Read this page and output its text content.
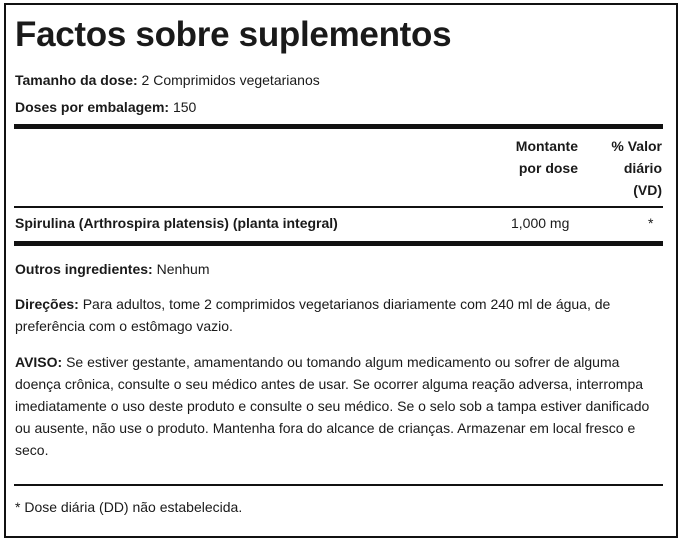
Factos sobre suplementos
Tamanho da dose: 2 Comprimidos vegetarianos
Doses por embalagem: 150
Montante
por dose
% Valor
diário
(VD)
Spirulina (Arthrospira platensis) (planta integral)	1,000 mg	*
Outros ingredientes: Nenhum
Direções: Para adultos, tome 2 comprimidos vegetarianos diariamente com 240 ml de água, de preferência com o estômago vazio.
AVISO: Se estiver gestante, amamentando ou tomando algum medicamento ou sofrer de alguma doença crônica, consulte o seu médico antes de usar. Se ocorrer alguma reação adversa, interrompa imediatamente o uso deste produto e consulte o seu médico. Se o selo sob a tampa estiver danificado ou ausente, não use o produto. Mantenha fora do alcance de crianças. Armazenar em local fresco e seco.
* Dose diária (DD) não estabelecida.
